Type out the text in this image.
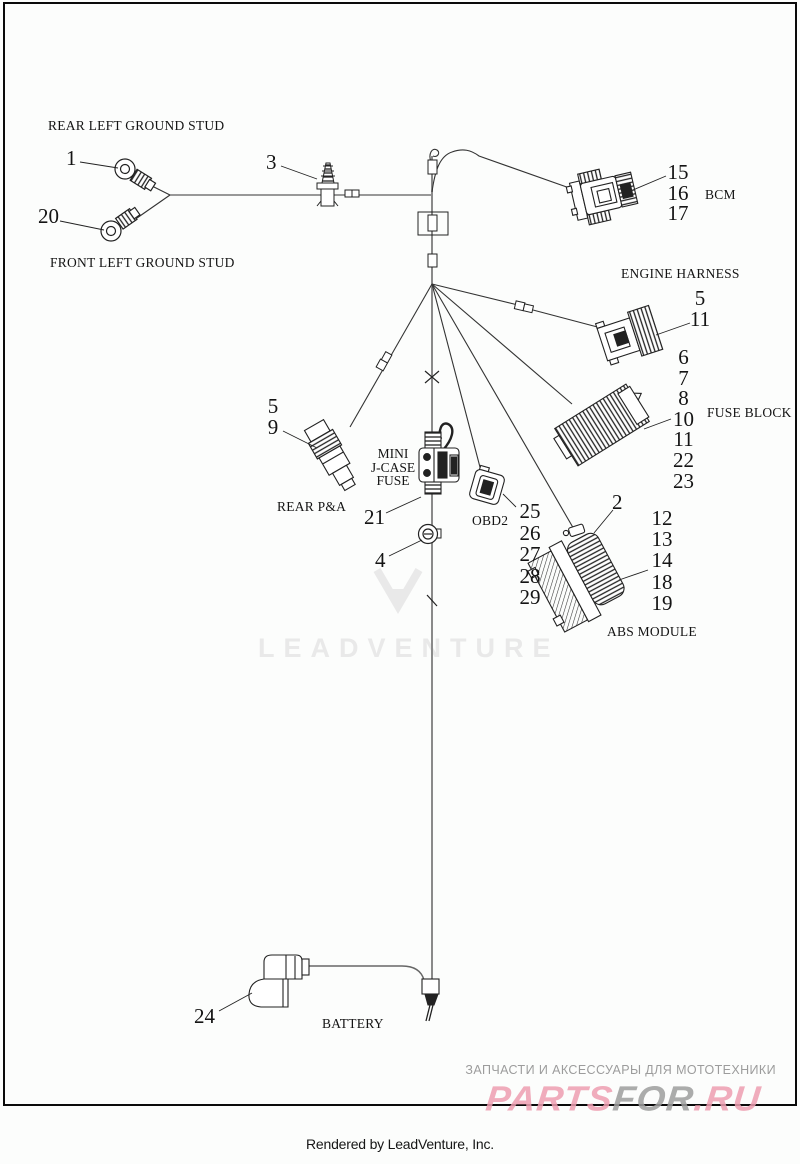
LEADVENTURE
REAR LEFT GROUND STUD
FRONT LEFT GROUND STUD
BCM
ENGINE HARNESS
FUSE BLOCK
REAR P&A
MINI
J-CASE
FUSE
OBD2
ABS MODULE
BATTERY
1
20
3
21
2
4
24
15
16
17
5
11
6
7
8
10
11
22
23
5
9
25
26
27
28
29
12
13
14
18
19
ЗАПЧАСТИ И АКСЕССУАРЫ ДЛЯ МОТОТЕХНИКИ
PARTSFOR.RU
Rendered by LeadVenture, Inc.
